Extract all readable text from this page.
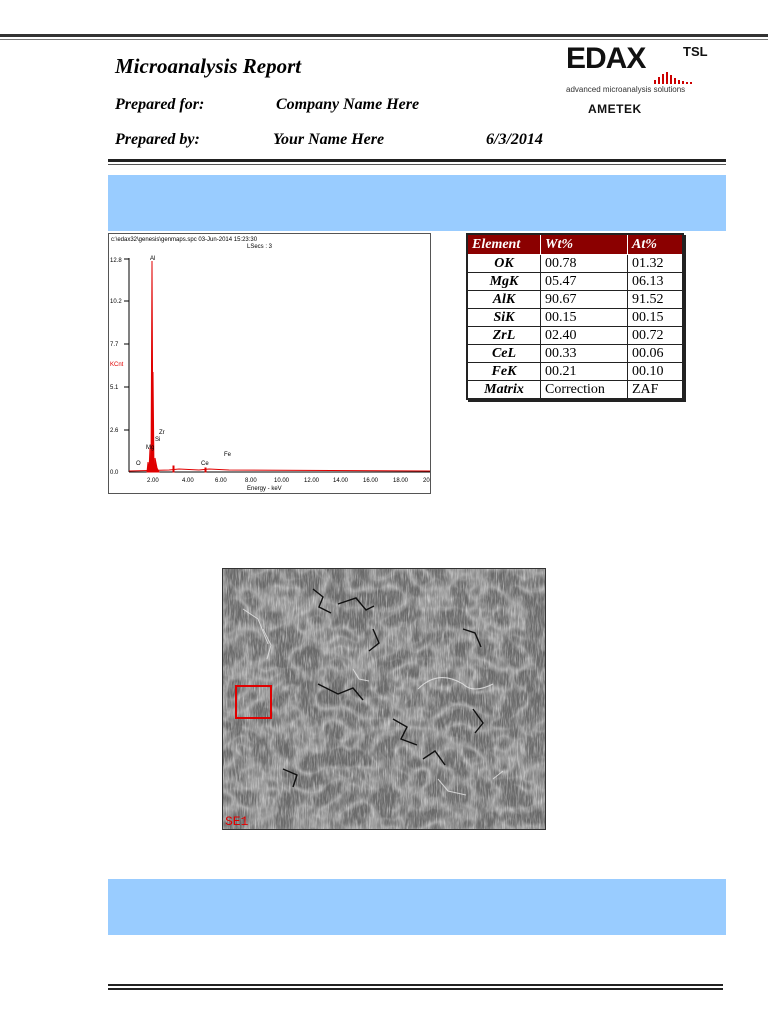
Microanalysis Report
Prepared for:	Company Name Here
Prepared by:	Your Name Here	6/3/2014
EDAX	TSL
advanced microanalysis solutions
AMETEK
c:\edax32\genesis\genmaps.spc 03-Jun-2014 15:23:30
LSecs : 3
12.8
10.2
7.7
5.1
2.6
0.0
KCnt
2.00	4.00	6.00	8.00	10.00 12.00 14.00 16.00 18.00 20
Energy - keV
Al
Zr
Si
Mg
O	Ce
Fe
Element	Wt%	At%
OK	00.78	01.32
MgK	05.47	06.13
AlK	90.67	91.52
SiK	00.15	00.15
ZrL	02.40	00.72
CeL	00.33	00.06
FeK	00.21	00.10
Matrix	Correction	ZAF
SE1
